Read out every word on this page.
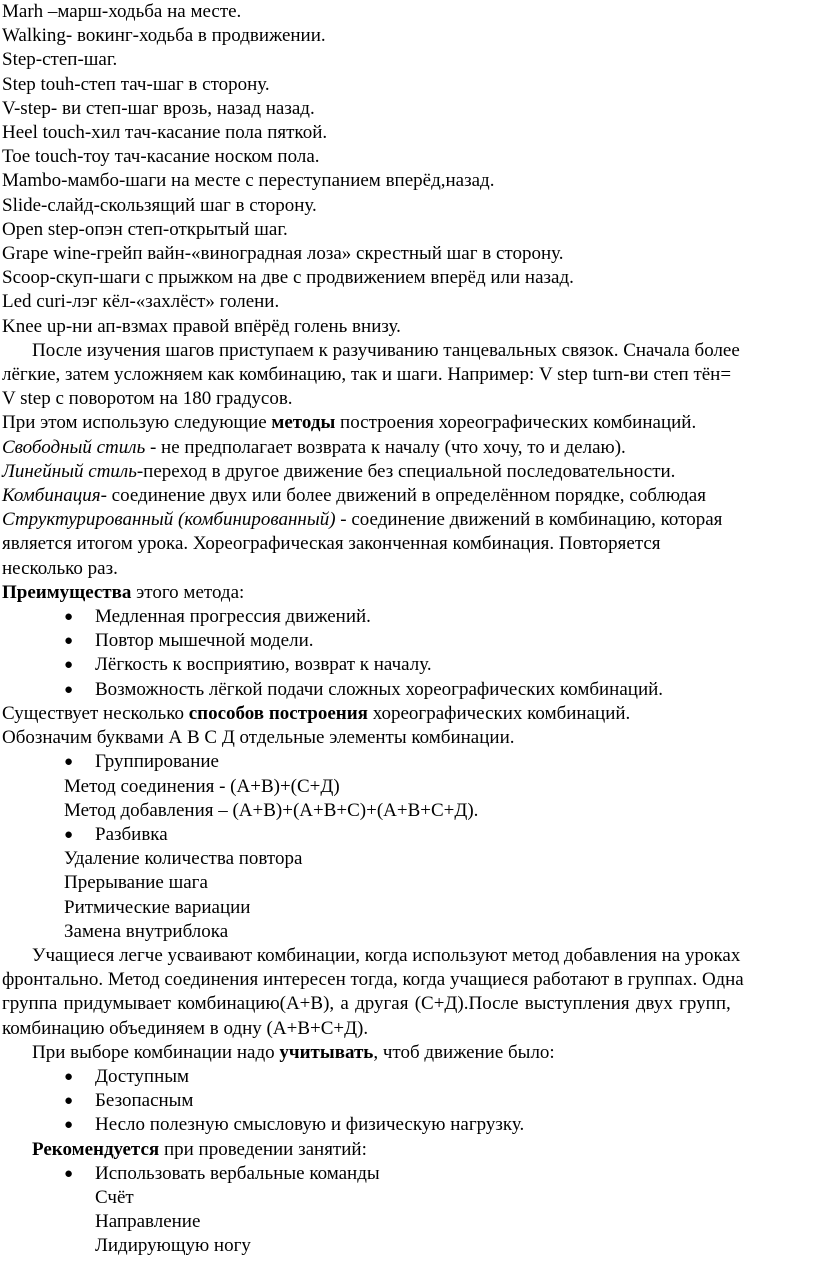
Marh –марш-ходьба на месте.
Walking- вокинг-ходьба в продвижении.
Step-степ-шаг.
Step touh-степ тач-шаг в сторону.
V-step- ви степ-шаг врозь, назад назад.
Heel touch-хил тач-касание пола пяткой.
Toe touch-тоу тач-касание носком пола.
Mambo-мамбо-шаги на месте с переступанием вперёд,назад.
Slide-слайд-скользящий шаг в сторону.
Open step-опэн степ-открытый шаг.
Grape wine-грейп вайн-«виноградная лоза» скрестный шаг в сторону.
Scoop-скуп-шаги с прыжком на две с продвижением вперёд или назад.
Led curi-лэг кёл-«захлёст» голени.
Knee up-ни ап-взмах правой впёрёд голень внизу.
После изучения шагов приступаем к разучиванию танцевальных связок. Сначала более
лёгкие, затем усложняем как комбинацию, так и шаги. Например: V step turn-ви степ тён=
V step с поворотом на 180 градусов.
При этом использую следующие методы построения хореографических комбинаций.
Свободный стиль - не предполагает возврата к началу (что хочу, то и делаю).
Линейный стиль-переход в другое движение без специальной последовательности.
Комбинация- соединение двух или более движений в определённом порядке, соблюдая
Структурированный (комбинированный) - соединение движений в комбинацию, которая
является итогом урока. Хореографическая законченная комбинация. Повторяется
несколько раз.
Преимущества этого метода:
● Медленная прогрессия движений.
● Повтор мышечной модели.
● Лёгкость к восприятию, возврат к началу.
● Возможность лёгкой подачи сложных хореографических комбинаций.
Существует несколько способов построения хореографических комбинаций.
Обозначим буквами А В С Д отдельные элементы комбинации.
● Группирование
Метод соединения - (А+В)+(С+Д)
Метод добавления – (А+В)+(А+В+С)+(А+В+С+Д).
● Разбивка
Удаление количества повтора
Прерывание шага
Ритмические вариации
Замена внутриблока
Учащиеся легче усваивают комбинации, когда используют метод добавления на уроках
фронтально. Метод соединения интересен тогда, когда учащиеся работают в группах. Одна
группа придумывает комбинацию(А+В), а другая (С+Д).После выступления двух групп,
комбинацию объединяем в одну (А+В+С+Д).
При выборе комбинации надо учитывать, чтоб движение было:
● Доступным
● Безопасным
● Несло полезную смысловую и физическую нагрузку.
Рекомендуется при проведении занятий:
● Использовать вербальные команды
Счёт
Направление
Лидирующую ногу
